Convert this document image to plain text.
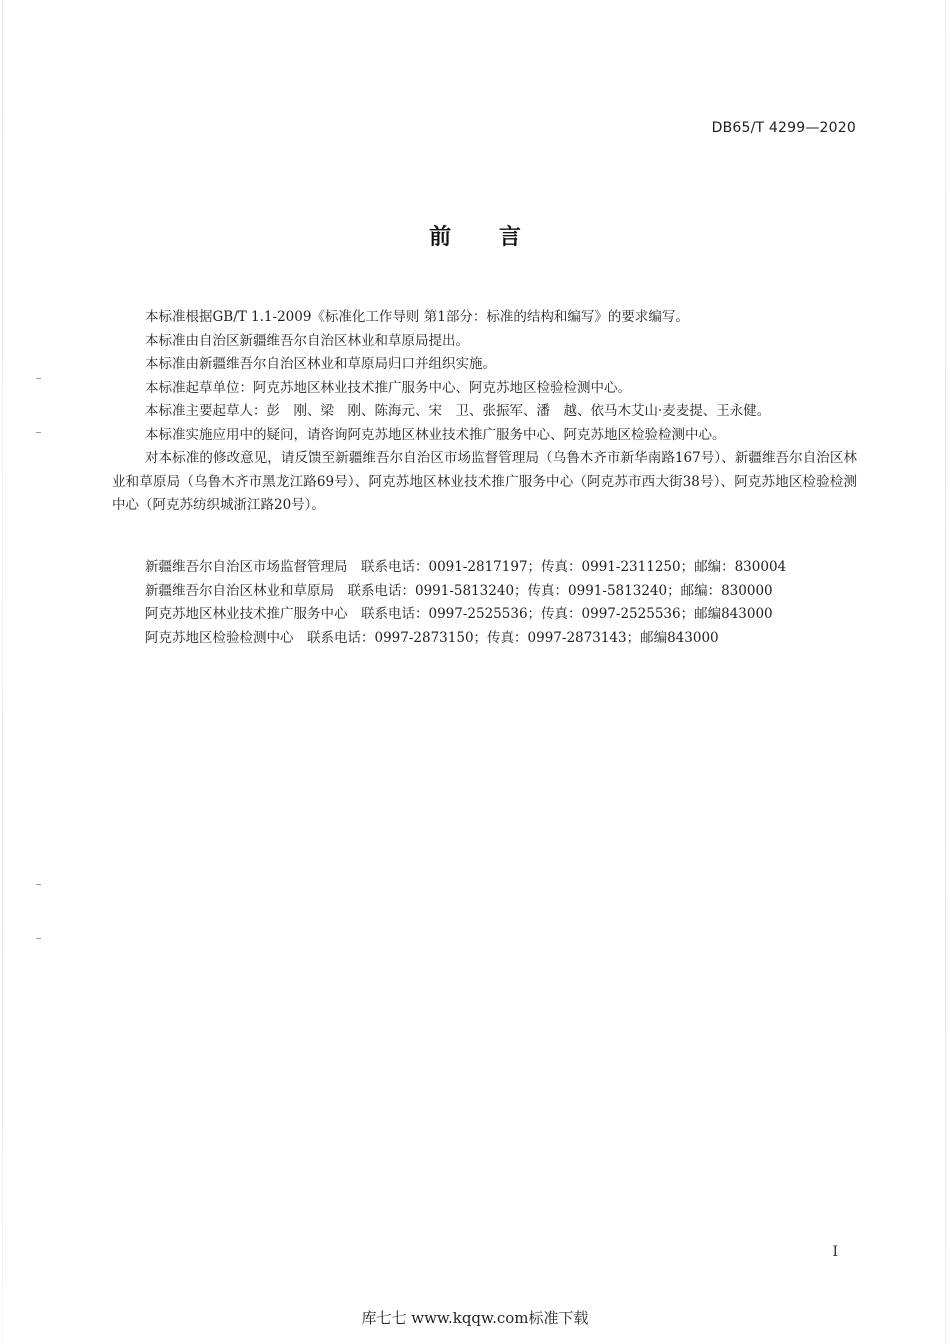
DB65/T 4299—2020
前 言

本标准根据GB/T 1.1-2009《标准化工作导则 第1部分：标准的结构和编写》的要求编写。

本标准由自治区新疆维吾尔自治区林业和草原局提出。

本标准由新疆维吾尔自治区林业和草原局归口并组织实施。

本标准起草单位：阿克苏地区林业技术推广服务中心、阿克苏地区检验检测中心。

本标准主要起草人：彭　刚、梁　刚、陈海元、宋　卫、张振军、潘　越、依马木艾山·麦麦提、王永健。

本标准实施应用中的疑问，请咨询阿克苏地区林业技术推广服务中心、阿克苏地区检验检测中心。

对本标准的修改意见，请反馈至新疆维吾尔自治区市场监督管理局（乌鲁木齐市新华南路167号）、新疆维吾尔自治区林业和草原局（乌鲁木齐市黑龙江路69号）、阿克苏地区林业技术推广服务中心（阿克苏市西大街38号）、阿克苏地区检验检测中心（阿克苏纺织城浙江路20号）。

新疆维吾尔自治区市场监督管理局　联系电话：0091-2817197；传真：0991-2311250；邮编：830004
新疆维吾尔自治区林业和草原局　联系电话：0991-5813240；传真：0991-5813240；邮编：830000
阿克苏地区林业技术推广服务中心　联系电话：0997-2525536；传真：0997-2525536；邮编843000
阿克苏地区检验检测中心　联系电话：0997-2873150；传真：0997-2873143；邮编843000
I
库七七 www.kqqw.com标准下载
